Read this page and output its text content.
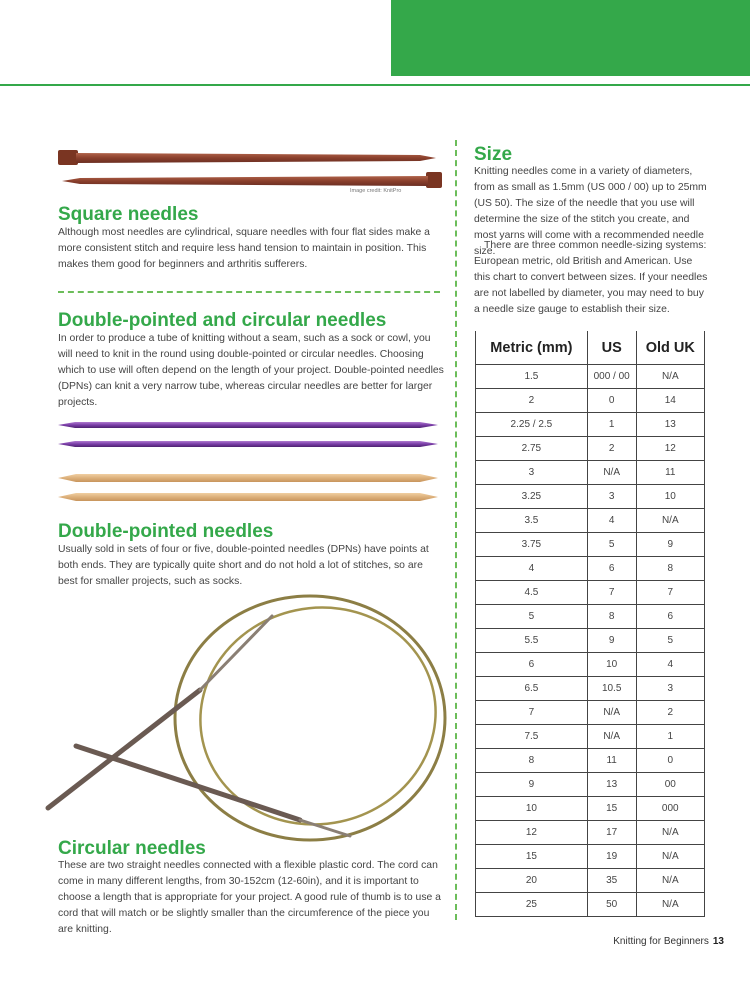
Image credit: KnitPro
Square needles

Although most needles are cylindrical, square needles with four flat sides make a more consistent stitch and require less hand tension to maintain in position. This makes them good for beginners and arthritis sufferers.

Double-pointed and circular needles

In order to produce a tube of knitting without a seam, such as a sock or cowl, you will need to knit in the round using double-pointed or circular needles. Choosing which to use will often depend on the length of your project. Double-pointed needles (DPNs) can knit a very narrow tube, whereas circular needles are better for larger projects.

Double-pointed needles

Usually sold in sets of four or five, double-pointed needles (DPNs) have points at both ends. They are typically quite short and do not hold a lot of stitches, so are best for smaller projects, such as socks.

Circular needles

These are two straight needles connected with a flexible plastic cord. The cord can come in many different lengths, from 30-152cm (12-60in), and it is important to choose a length that is appropriate for your project. A good rule of thumb is to use a cord that will match or be slightly smaller than the circumference of the piece you are knitting.

Size

Knitting needles come in a variety of diameters, from as small as 1.5mm (US 000 / 00) up to 25mm (US 50). The size of the needle that you use will determine the size of the stitch you create, and most yarns will come with a recommended needle size.

There are three common needle-sizing systems: European metric, old British and American. Use this chart to convert between sizes. If your needles are not labelled by diameter, you may need to buy a needle size gauge to establish their size.

Metric (mm)	US	Old UK
1.5	000 / 00	N/A
2	0	14
2.25 / 2.5	1	13
2.75	2	12
3	N/A	11
3.25	3	10
3.5	4	N/A
3.75	5	9
4	6	8
4.5	7	7
5	8	6
5.5	9	5
6	10	4
6.5	10.5	3
7	N/A	2
7.5	N/A	1
8	11	0
9	13	00
10	15	000
12	17	N/A
15	19	N/A
20	35	N/A
25	50	N/A
Knitting for Beginners 13
